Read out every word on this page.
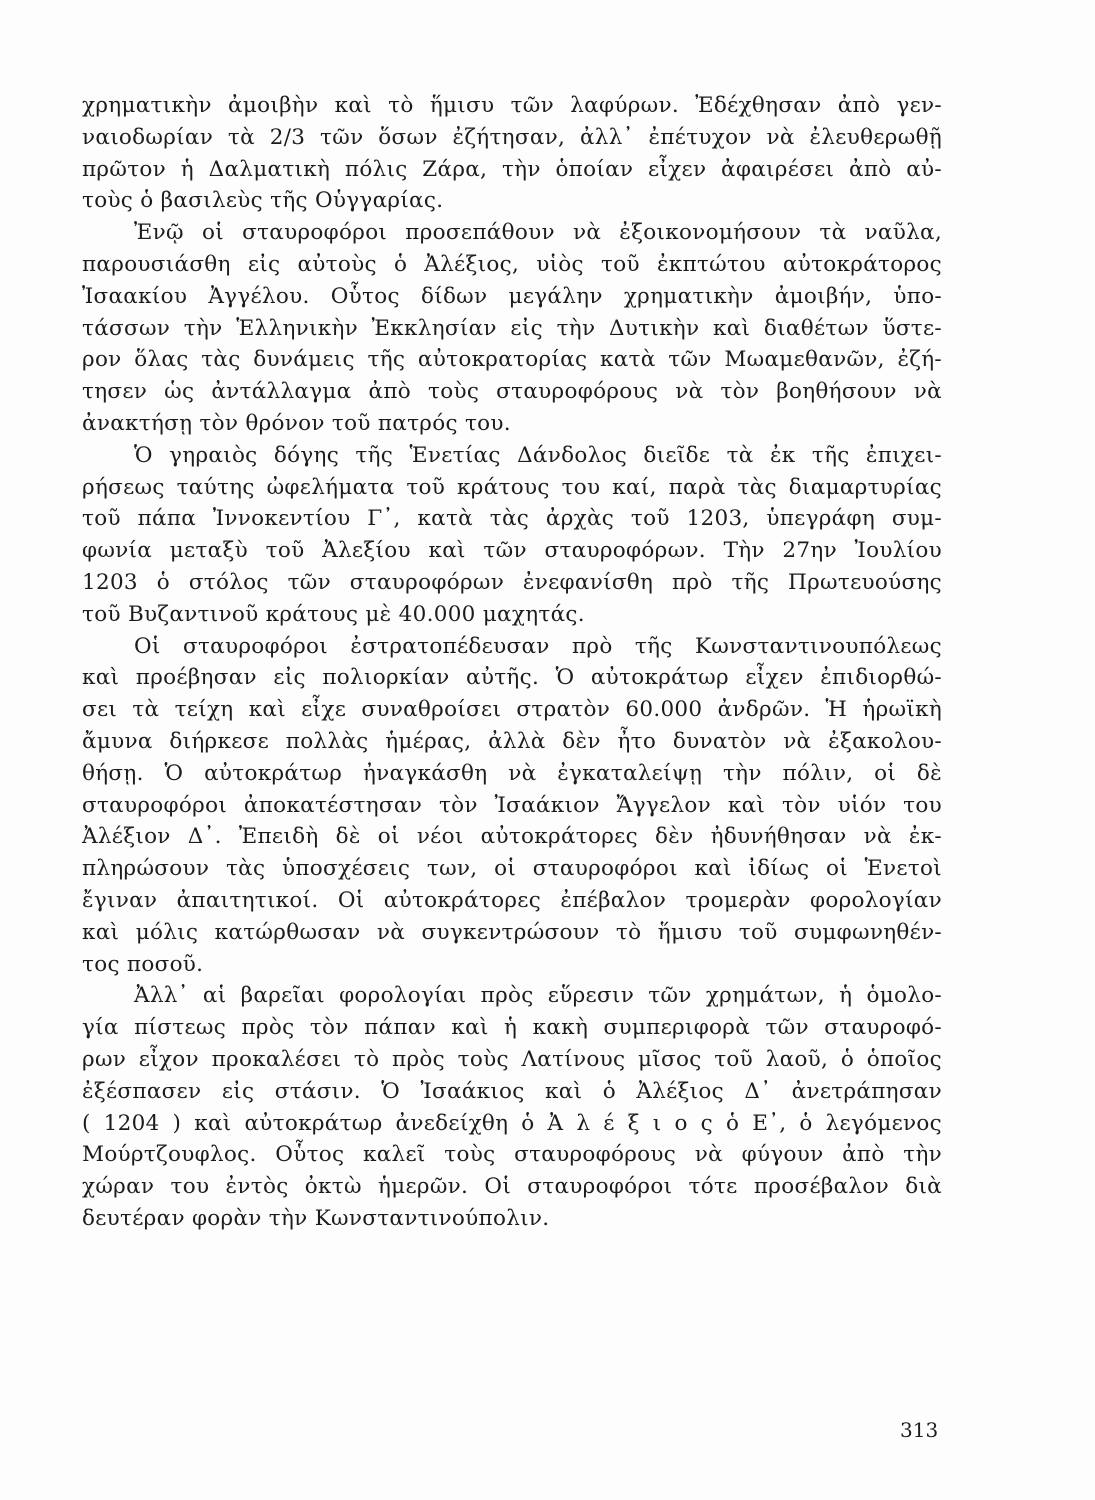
χρηματικὴν ἀμοιβὴν καὶ τὸ ἥμισυ τῶν λαφύρων. Ἐδέχθησαν ἀπὸ γεν-
ναιοδωρίαν τὰ 2/3 τῶν ὅσων ἐζήτησαν, ἀλλ᾽ ἐπέτυχον νὰ ἐλευθερωθῇ
πρῶτον ἡ Δαλματικὴ πόλις Ζάρα, τὴν ὁποίαν εἶχεν ἀφαιρέσει ἀπὸ αὐ-
τοὺς ὁ βασιλεὺς τῆς Οὑγγαρίας.
Ἐνῷ οἱ σταυροφόροι προσεπάθουν νὰ ἐξοικονομήσουν τὰ ναῦλα,
παρουσιάσθη εἰς αὐτοὺς ὁ Ἀλέξιος, υἱὸς τοῦ ἐκπτώτου αὐτοκράτορος
Ἰσαακίου Ἀγγέλου. Οὗτος δίδων μεγάλην χρηματικὴν ἀμοιβήν, ὑπο-
τάσσων τὴν Ἑλληνικὴν Ἐκκλησίαν εἰς τὴν Δυτικὴν καὶ διαθέτων ὕστε-
ρον ὅλας τὰς δυνάμεις τῆς αὐτοκρατορίας κατὰ τῶν Μωαμεθανῶν, ἐζή-
τησεν ὡς ἀντάλλαγμα ἀπὸ τοὺς σταυροφόρους νὰ τὸν βοηθήσουν νὰ
ἀνακτήσῃ τὸν θρόνον τοῦ πατρός του.
Ὁ γηραιὸς δόγης τῆς Ἑνετίας Δάνδολος διεῖδε τὰ ἐκ τῆς ἐπιχει-
ρήσεως ταύτης ὠφελήματα τοῦ κράτους του καί, παρὰ τὰς διαμαρτυρίας
τοῦ πάπα Ἰννοκεντίου Γ᾽, κατὰ τὰς ἀρχὰς τοῦ 1203, ὑπεγράφη συμ-
φωνία μεταξὺ τοῦ Ἀλεξίου καὶ τῶν σταυροφόρων. Τὴν 27ην Ἰουλίου
1203 ὁ στόλος τῶν σταυροφόρων ἐνεφανίσθη πρὸ τῆς Πρωτευούσης
τοῦ Βυζαντινοῦ κράτους μὲ 40.000 μαχητάς.
Οἱ σταυροφόροι ἐστρατοπέδευσαν πρὸ τῆς Κωνσταντινουπόλεως
καὶ προέβησαν εἰς πολιορκίαν αὐτῆς. Ὁ αὐτοκράτωρ εἶχεν ἐπιδιορθώ-
σει τὰ τείχη καὶ εἶχε συναθροίσει στρατὸν 60.000 ἀνδρῶν. Ἡ ἡρωϊκὴ
ἄμυνα διήρκεσε πολλὰς ἡμέρας, ἀλλὰ δὲν ἦτο δυνατὸν νὰ ἐξακολου-
θήσῃ. Ὁ αὐτοκράτωρ ἠναγκάσθη νὰ ἐγκαταλείψῃ τὴν πόλιν, οἱ δὲ
σταυροφόροι ἀποκατέστησαν τὸν Ἰσαάκιον Ἄγγελον καὶ τὸν υἱόν του
Ἀλέξιον Δ᾽. Ἐπειδὴ δὲ οἱ νέοι αὐτοκράτορες δὲν ἠδυνήθησαν νὰ ἐκ-
πληρώσουν τὰς ὑποσχέσεις των, οἱ σταυροφόροι καὶ ἰδίως οἱ Ἑνετοὶ
ἔγιναν ἀπαιτητικοί. Οἱ αὐτοκράτορες ἐπέβαλον τρομερὰν φορολογίαν
καὶ μόλις κατώρθωσαν νὰ συγκεντρώσουν τὸ ἥμισυ τοῦ συμφωνηθέν-
τος ποσοῦ.
Ἀλλ᾽ αἱ βαρεῖαι φορολογίαι πρὸς εὕρεσιν τῶν χρημάτων, ἡ ὁμολο-
γία πίστεως πρὸς τὸν πάπαν καὶ ἡ κακὴ συμπεριφορὰ τῶν σταυροφό-
ρων εἶχον προκαλέσει τὸ πρὸς τοὺς Λατίνους μῖσος τοῦ λαοῦ, ὁ ὁποῖος
ἐξέσπασεν εἰς στάσιν. Ὁ Ἰσαάκιος καὶ ὁ Ἀλέξιος Δ᾽ ἀνετράπησαν
( 1204 ) καὶ αὐτοκράτωρ ἀνεδείχθη ὁ Ἀ λ έ ξ ι ο ς ὁ Ε᾽, ὁ λεγόμενος
Μούρτζουφλος. Οὗτος καλεῖ τοὺς σταυροφόρους νὰ φύγουν ἀπὸ τὴν
χώραν του ἐντὸς ὀκτὼ ἡμερῶν. Οἱ σταυροφόροι τότε προσέβαλον διὰ
δευτέραν φορὰν τὴν Κωνσταντινούπολιν.
313
